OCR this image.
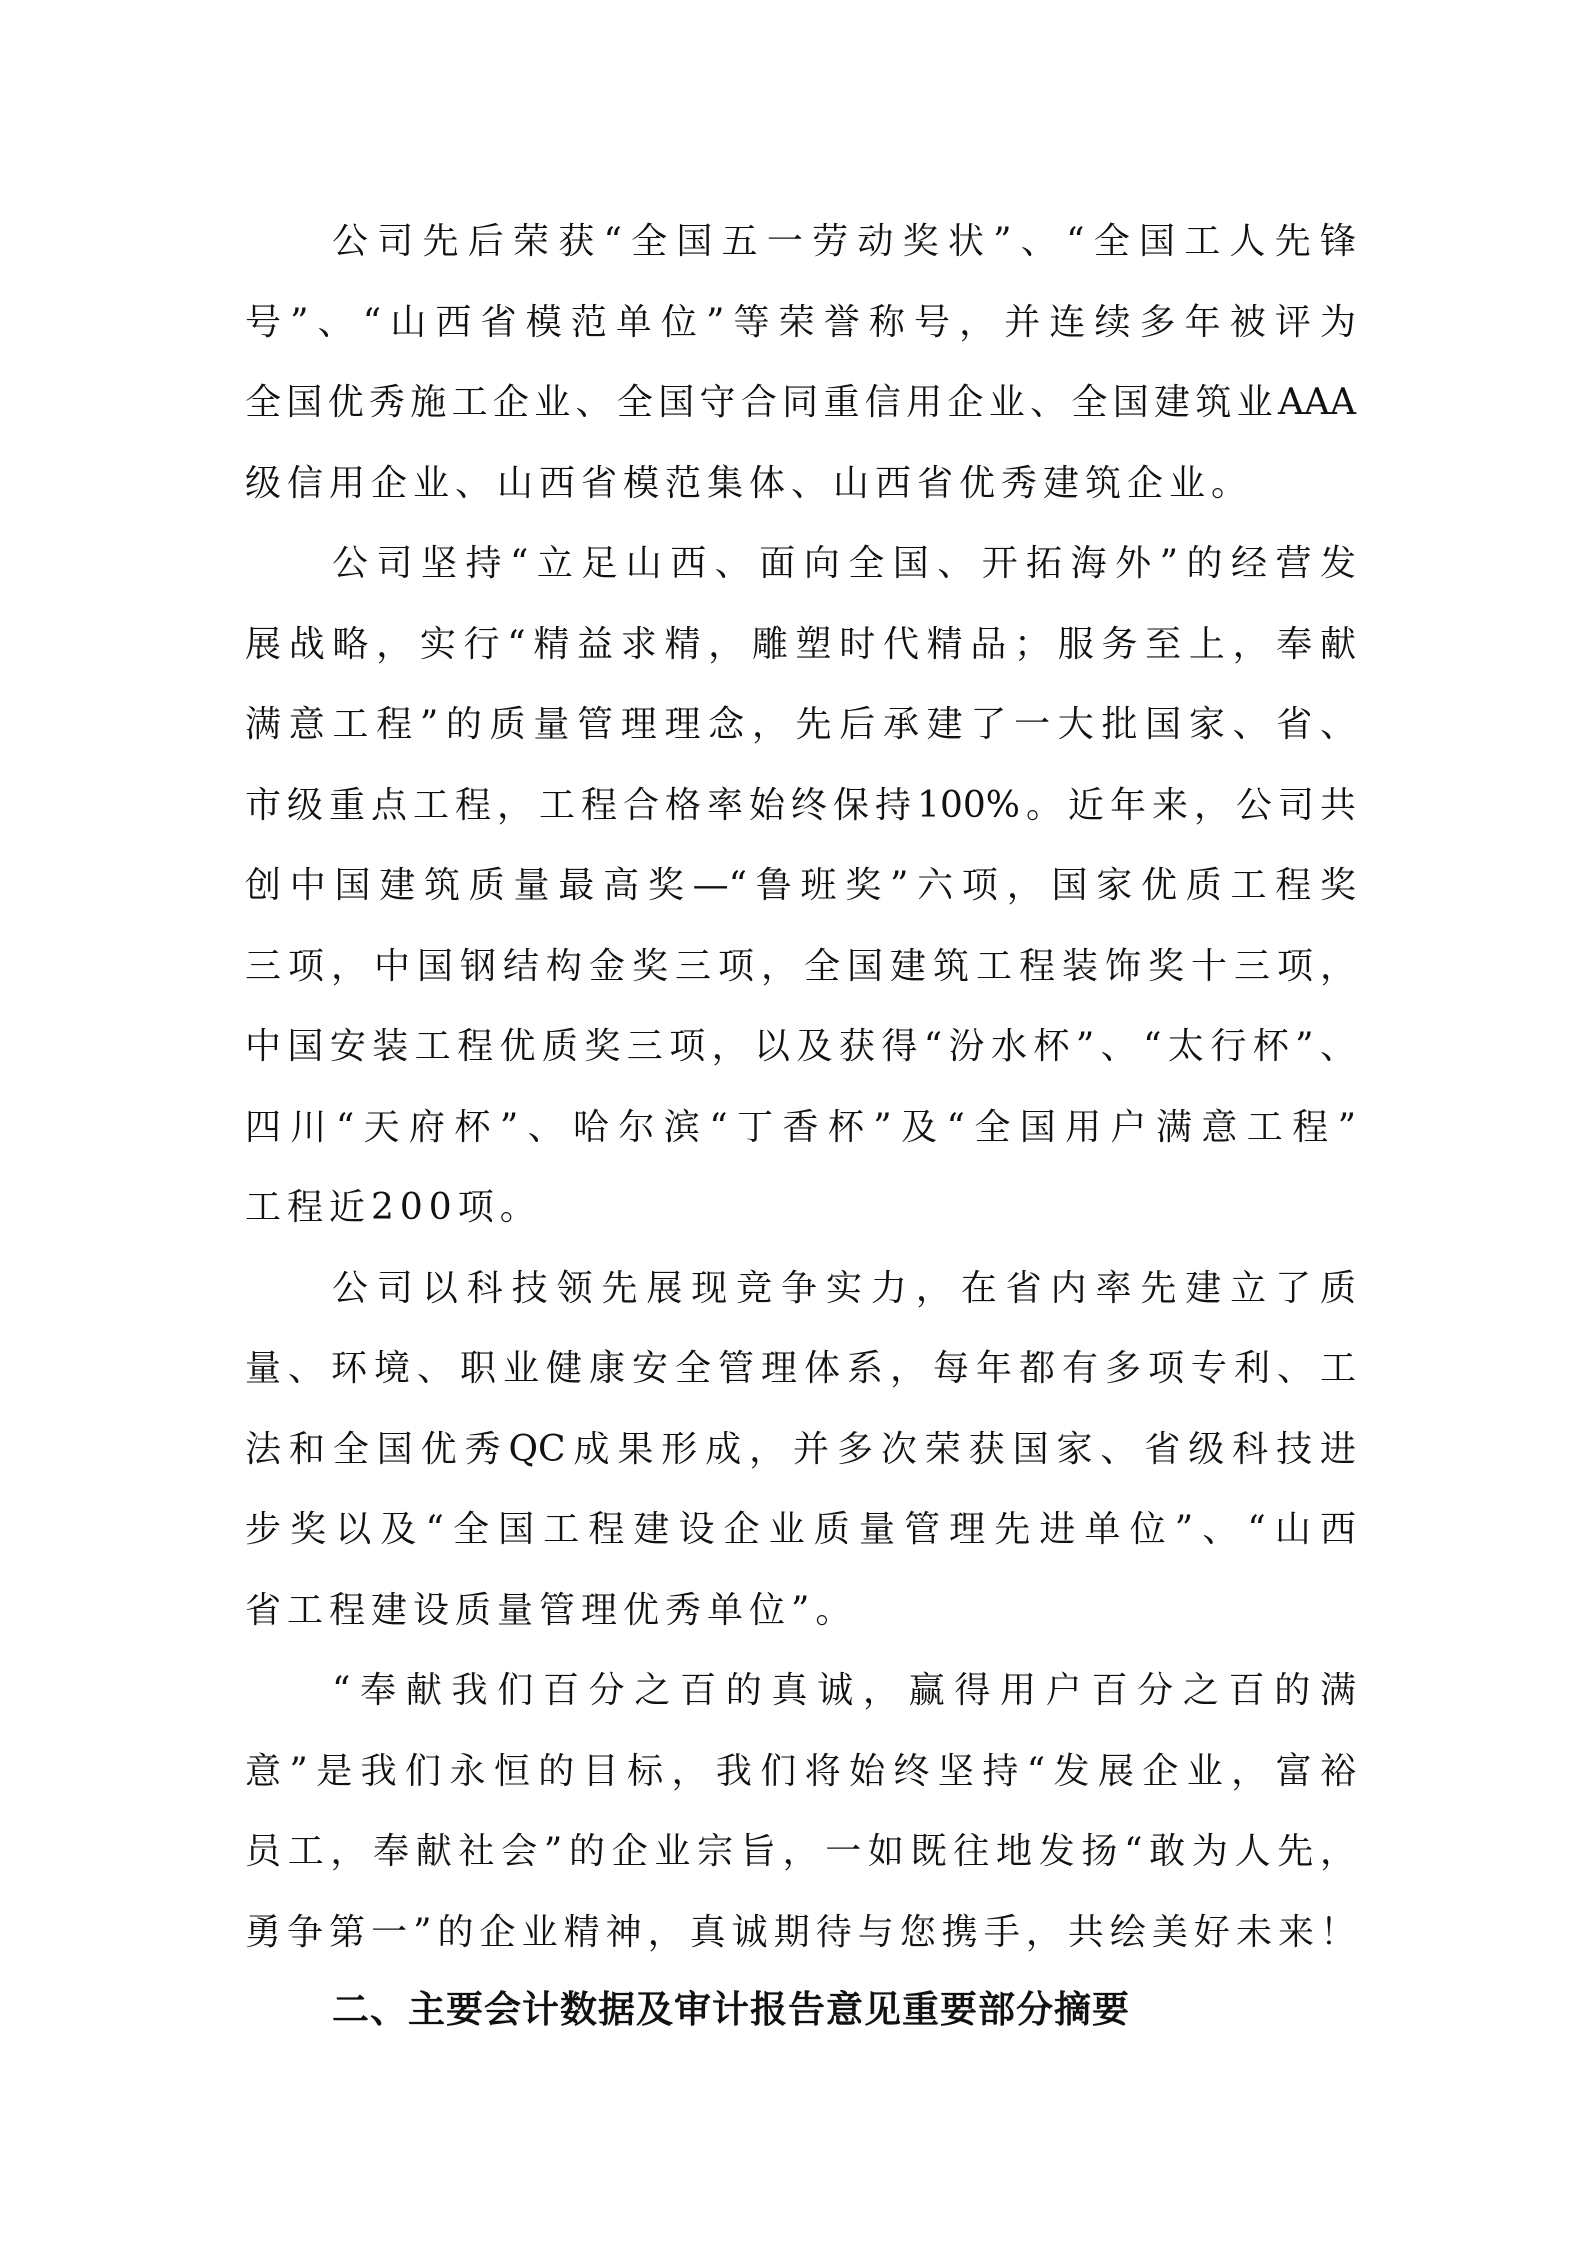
公司先后荣获“全国五一劳动奖状”、“全国工人先锋
号”、“山西省模范单位”等荣誉称号，并连续多年被评为
全国优秀施工企业、全国守合同重信用企业、全国建筑业AAA
级信用企业、山西省模范集体、山西省优秀建筑企业。
公司坚持“立足山西、面向全国、开拓海外”的经营发
展战略，实行“精益求精，雕塑时代精品；服务至上，奉献
满意工程”的质量管理理念，先后承建了一大批国家、省、
市级重点工程，工程合格率始终保持100%。近年来，公司共
创中国建筑质量最高奖—“鲁班奖”六项，国家优质工程奖
三项，中国钢结构金奖三项，全国建筑工程装饰奖十三项，
中国安装工程优质奖三项，以及获得“汾水杯”、“太行杯”、
四川“天府杯”、哈尔滨“丁香杯”及“全国用户满意工程”
工程近200项。
公司以科技领先展现竞争实力，在省内率先建立了质
量、环境、职业健康安全管理体系，每年都有多项专利、工
法和全国优秀QC成果形成，并多次荣获国家、省级科技进
步奖以及“全国工程建设企业质量管理先进单位”、“山西
省工程建设质量管理优秀单位”。
“奉献我们百分之百的真诚，赢得用户百分之百的满
意”是我们永恒的目标，我们将始终坚持“发展企业，富裕
员工，奉献社会”的企业宗旨，一如既往地发扬“敢为人先，
勇争第一”的企业精神，真诚期待与您携手，共绘美好未来！
二、主要会计数据及审计报告意见重要部分摘要
